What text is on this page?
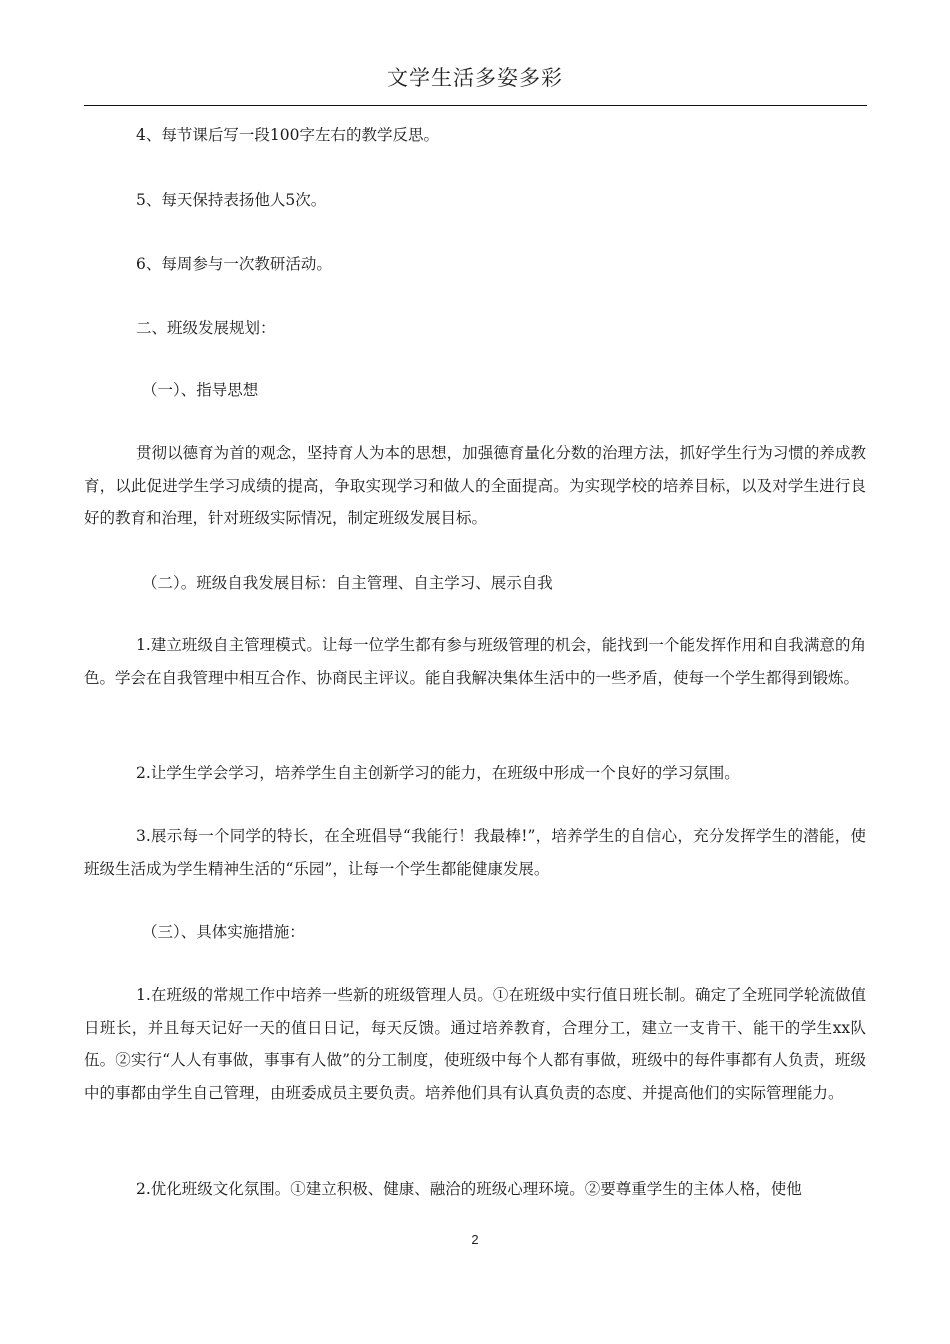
文学生活多姿多彩
4、每节课后写一段100字左右的教学反思。
5、每天保持表扬他人5次。
6、每周参与一次教研活动。
二、班级发展规划：
（一）、指导思想
贯彻以德育为首的观念，坚持育人为本的思想，加强德育量化分数的治理方法，抓好学生行为习惯的养成教育，以此促进学生学习成绩的提高，争取实现学习和做人的全面提高。为实现学校的培养目标，以及对学生进行良好的教育和治理，针对班级实际情况，制定班级发展目标。
（二）。班级自我发展目标：自主管理、自主学习、展示自我
1.建立班级自主管理模式。让每一位学生都有参与班级管理的机会，能找到一个能发挥作用和自我满意的角色。学会在自我管理中相互合作、协商民主评议。能自我解决集体生活中的一些矛盾，使每一个学生都得到锻炼。
2.让学生学会学习，培养学生自主创新学习的能力，在班级中形成一个良好的学习氛围。
3.展示每一个同学的特长，在全班倡导“我能行！我最棒!”，培养学生的自信心，充分发挥学生的潜能，使班级生活成为学生精神生活的“乐园”，让每一个学生都能健康发展。
（三）、具体实施措施：
1.在班级的常规工作中培养一些新的班级管理人员。①在班级中实行值日班长制。确定了全班同学轮流做值日班长，并且每天记好一天的值日日记，每天反馈。通过培养教育，合理分工，建立一支肯干、能干的学生xx队伍。②实行“人人有事做，事事有人做”的分工制度，使班级中每个人都有事做，班级中的每件事都有人负责，班级中的事都由学生自己管理，由班委成员主要负责。培养他们具有认真负责的态度、并提高他们的实际管理能力。
2.优化班级文化氛围。①建立积极、健康、融洽的班级心理环境。②要尊重学生的主体人格，使他
2
